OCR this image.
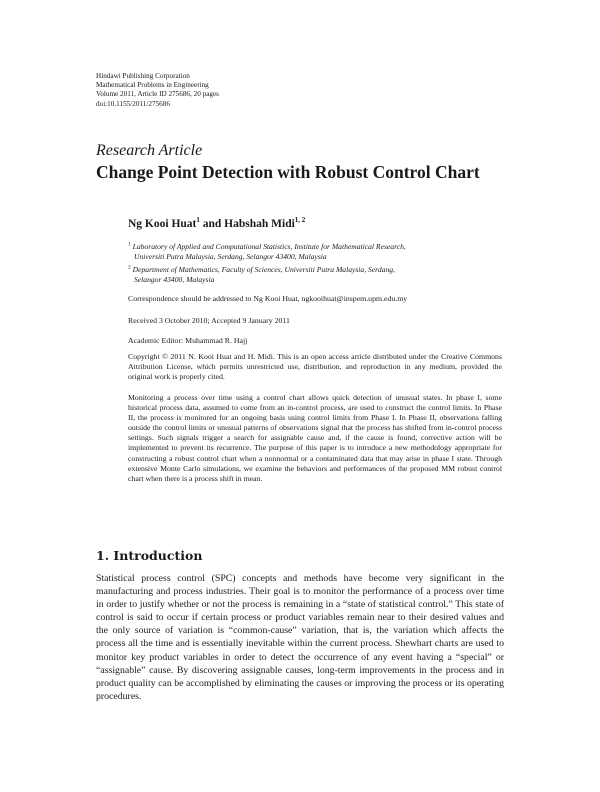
Hindawi Publishing Corporation
Mathematical Problems in Engineering
Volume 2011, Article ID 275686, 20 pages
doi:10.1155/2011/275686
Research Article
Change Point Detection with Robust Control Chart
Ng Kooi Huat$^1$ and Habshah Midi$^{1, 2}$
$^1$ Laboratory of Applied and Computational Statistics, Institute for Mathematical Research,
Universiti Putra Malaysia, Serdang, Selangor 43400, Malaysia
$^2$ Department of Mathematics, Faculty of Sciences, Universiti Putra Malaysia, Serdang,
Selangor 43400, Malaysia
Correspondence should be addressed to Ng Kooi Huat, ngkooihuat@inspem.upm.edu.my
Received 3 October 2010; Accepted 9 January 2011
Academic Editor: Muhammad R. Hajj
Copyright © 2011 N. Kooi Huat and H. Midi. This is an open access article distributed under the Creative Commons Attribution License, which permits unrestricted use, distribution, and reproduction in any medium, provided the original work is properly cited.
Monitoring a process over time using a control chart allows quick detection of unusual states. In phase I, some historical process data, assumed to come from an in-control process, are used to construct the control limits. In Phase II, the process is monitored for an ongoing basis using control limits from Phase I. In Phase II, observations falling outside the control limits or unusual patterns of observations signal that the process has shifted from in-control process settings. Such signals trigger a search for assignable cause and, if the cause is found, corrective action will be implemented to prevent its recurrence. The purpose of this paper is to introduce a new methodology appropriate for constructing a robust control chart when a nonnormal or a contaminated data that may arise in phase I state. Through extensive Monte Carlo simulations, we examine the behaviors and performances of the proposed MM robust control chart when there is a process shift in mean.
1. Introduction
Statistical process control (SPC) concepts and methods have become very significant in the manufacturing and process industries. Their goal is to monitor the performance of a process over time in order to justify whether or not the process is remaining in a “state of statistical control.” This state of control is said to occur if certain process or product variables remain near to their desired values and the only source of variation is “common-cause” variation, that is, the variation which affects the process all the time and is essentially inevitable within the current process. Shewhart charts are used to monitor key product variables in order to detect the occurrence of any event having a “special” or “assignable” cause. By discovering assignable causes, long-term improvements in the process and in product quality can be accomplished by eliminating the causes or improving the process or its operating procedures.
